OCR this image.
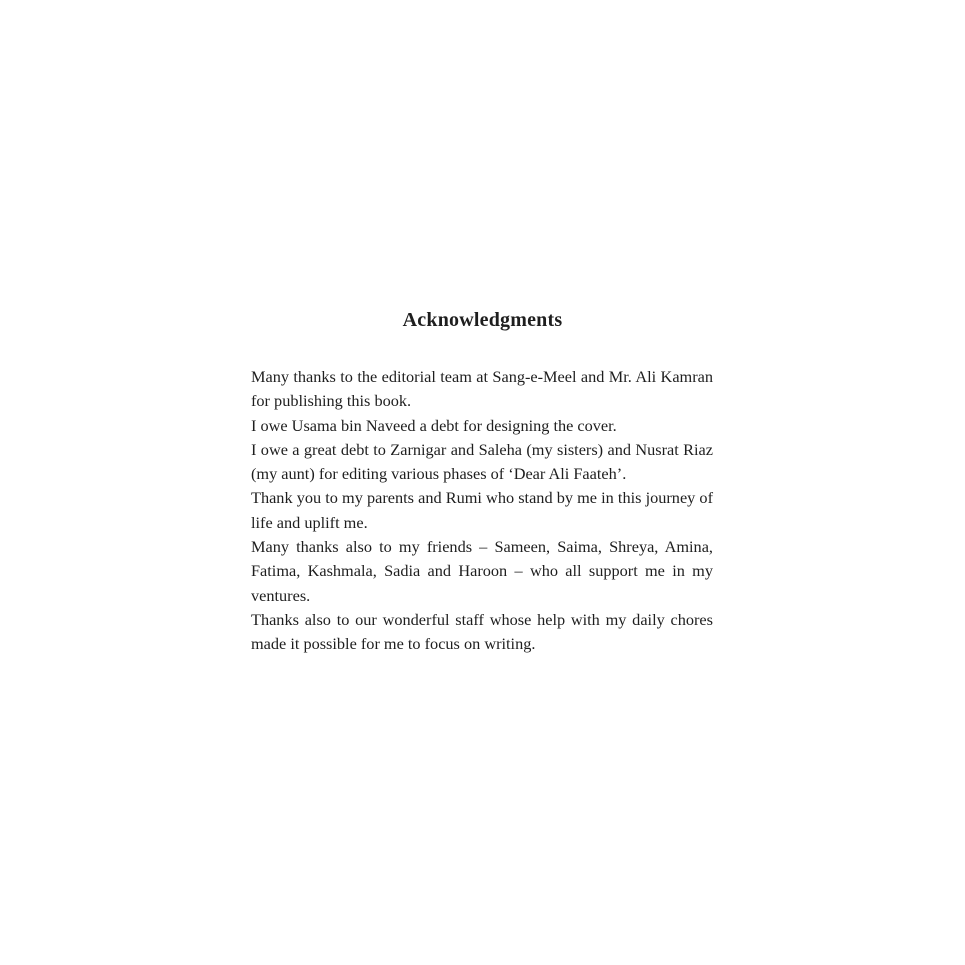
Acknowledgments

Many thanks to the editorial team at Sang-e-Meel and Mr. Ali Kamran for publishing this book.

I owe Usama bin Naveed a debt for designing the cover.

I owe a great debt to Zarnigar and Saleha (my sisters) and Nusrat Riaz (my aunt) for editing various phases of ‘Dear Ali Faateh’.

Thank you to my parents and Rumi who stand by me in this journey of life and uplift me.

Many thanks also to my friends – Sameen, Saima, Shreya, Amina, Fatima, Kashmala, Sadia and Haroon – who all support me in my ventures.

Thanks also to our wonderful staff whose help with my daily chores made it possible for me to focus on writing.
